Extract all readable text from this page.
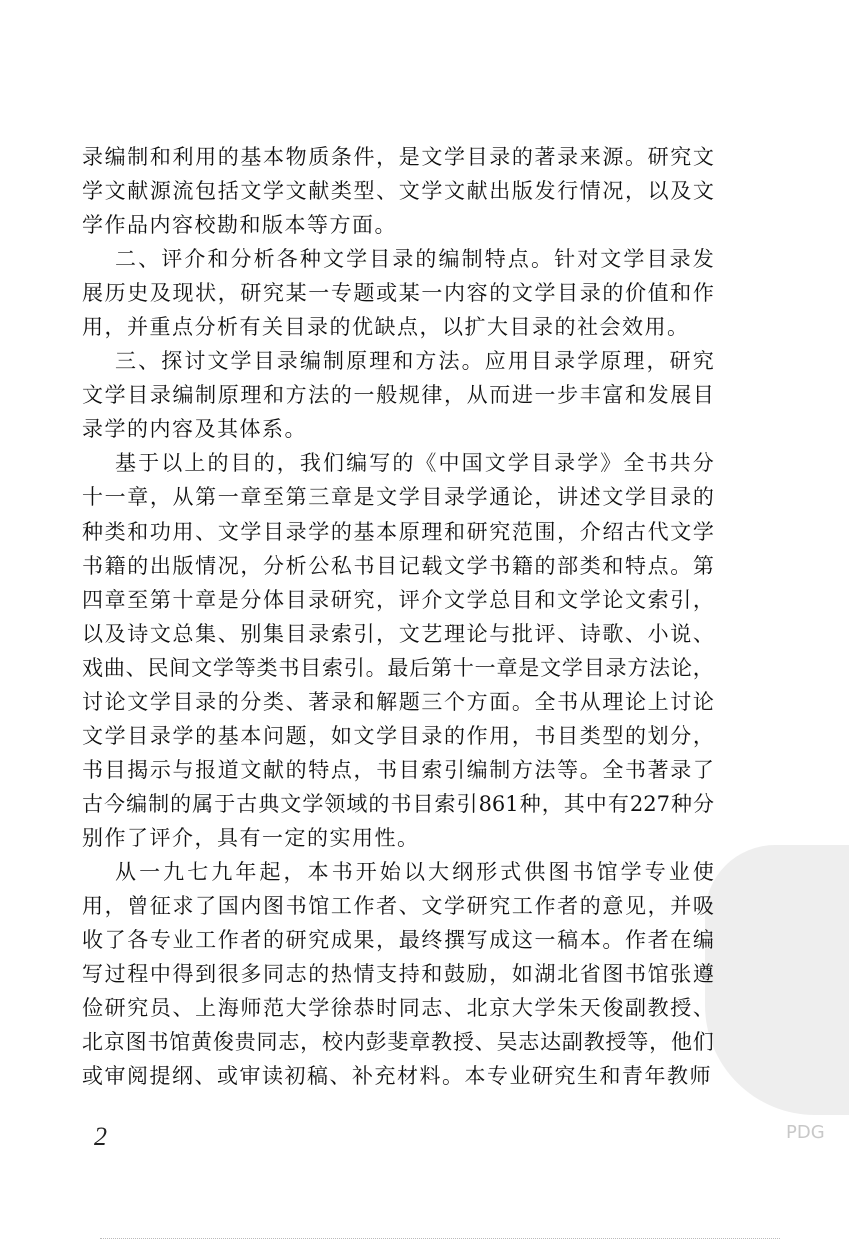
PDG
录 编 制 和 利 用 的 基 本 物 质 条 件 ， 是 文 学 目 录 的 著 录 来 源 。 研 究 文
学 文 献 源 流 包 括 文 学 文 献 类 型 、 文 学 文 献 出 版 发 行 情 况 ， 以 及 文
学 作 品 内 容 校 勘 和 版 本 等 方 面 。
二 、 评 介 和 分 析 各 种 文 学 目 录 的 编 制 特 点 。 针 对 文 学 目 录 发
展 历 史 及 现 状 ， 研 究 某 一 专 题 或 某 一 内 容 的 文 学 目 录 的 价 值 和 作
用 ， 并 重 点 分 析 有 关 目 录 的 优 缺 点 ， 以 扩 大 目 录 的 社 会 效 用 。
三 、 探 讨 文 学 目 录 编 制 原 理 和 方 法 。 应 用 目 录 学 原 理 ， 研 究
文 学 目 录 编 制 原 理 和 方 法 的 一 般 规 律 ， 从 而 进 一 步 丰 富 和 发 展 目
录 学 的 内 容 及 其 体 系 。
基 于 以 上 的 目 的 ， 我 们 编 写 的 《 中 国 文 学 目 录 学 》 全 书 共 分
十 一 章 ， 从 第 一 章 至 第 三 章 是 文 学 目 录 学 通 论 ， 讲 述 文 学 目 录 的
种 类 和 功 用 、 文 学 目 录 学 的 基 本 原 理 和 研 究 范 围 ， 介 绍 古 代 文 学
书 籍 的 出 版 情 况 ， 分 析 公 私 书 目 记 载 文 学 书 籍 的 部 类 和 特 点 。 第
四 章 至 第 十 章 是 分 体 目 录 研 究 ， 评 介 文 学 总 目 和 文 学 论 文 索 引 ，
以 及 诗 文 总 集 、 别 集 目 录 索 引 ， 文 艺 理 论 与 批 评 、 诗 歌 、 小 说 、
戏 曲 、 民 间 文 学 等 类 书 目 索 引 。 最 后 第 十 一 章 是 文 学 目 录 方 法 论 ，
讨 论 文 学 目 录 的 分 类 、 著 录 和 解 题 三 个 方 面 。 全 书 从 理 论 上 讨 论
文 学 目 录 学 的 基 本 问 题 ， 如 文 学 目 录 的 作 用 ， 书 目 类 型 的 划 分 ，
书 目 揭 示 与 报 道 文 献 的 特 点 ， 书 目 索 引 编 制 方 法 等 。 全 书 著 录 了
古 今 编 制 的 属 于 古 典 文 学 领 域 的 书 目 索 引 861 种 ， 其 中 有 227 种 分
别 作 了 评 介 ， 具 有 一 定 的 实 用 性 。
从 一 九 七 九 年 起 ， 本 书 开 始 以 大 纲 形 式 供 图 书 馆 学 专 业 使
用 ， 曾 征 求 了 国 内 图 书 馆 工 作 者 、 文 学 研 究 工 作 者 的 意 见 ， 并 吸
收 了 各 专 业 工 作 者 的 研 究 成 果 ， 最 终 撰 写 成 这 一 稿 本 。 作 者 在 编
写 过 程 中 得 到 很 多 同 志 的 热 情 支 持 和 鼓 励 ， 如 湖 北 省 图 书 馆 张 遵
俭 研 究 员 、 上 海 师 范 大 学 徐 恭 时 同 志 、 北 京 大 学 朱 天 俊 副 教 授 、
北 京 图 书 馆 黄 俊 贵 同 志 ， 校 内 彭 斐 章 教 授 、 吴 志 达 副 教 授 等 ， 他 们
或 审 阅 提 纲 、 或 审 读 初 稿 、 补 充 材 料 。 本 专 业 研 究 生 和 青 年 教 师
2
